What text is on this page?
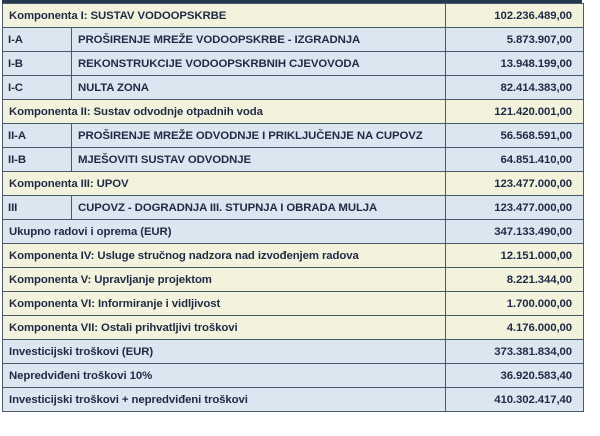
Komponenta I: SUSTAV VODOOPSKRBE		102.236.489,00
I-A	PROŠIRENJE MREŽE VODOOPSKRBE - IZGRADNJA	5.873.907,00
I-B	REKONSTRUKCIJE VODOOPSKRBNIH CJEVOVODA	13.948.199,00
I-C	NULTA ZONA	82.414.383,00
Komponenta II: Sustav odvodnje otpadnih voda		121.420.001,00
II-A	PROŠIRENJE MREŽE ODVODNJE I PRIKLJUČENJE NA CUPOVZ	56.568.591,00
II-B	MJEŠOVITI SUSTAV ODVODNJE	64.851.410,00
Komponenta III: UPOV		123.477.000,00
III	CUPOVZ - DOGRADNJA III. STUPNJA I OBRADA MULJA	123.477.000,00
Ukupno radovi i oprema (EUR)		347.133.490,00
Komponenta IV: Usluge stručnog nadzora nad izvođenjem radova		12.151.000,00
Komponenta V: Upravljanje projektom		8.221.344,00
Komponenta VI: Informiranje i vidljivost		1.700.000,00
Komponenta VII: Ostali prihvatljivi troškovi		4.176.000,00
Investicijski troškovi (EUR)		373.381.834,00
Nepredviđeni troškovi 10%		36.920.583,40
Investicijski troškovi + nepredviđeni troškovi		410.302.417,40
